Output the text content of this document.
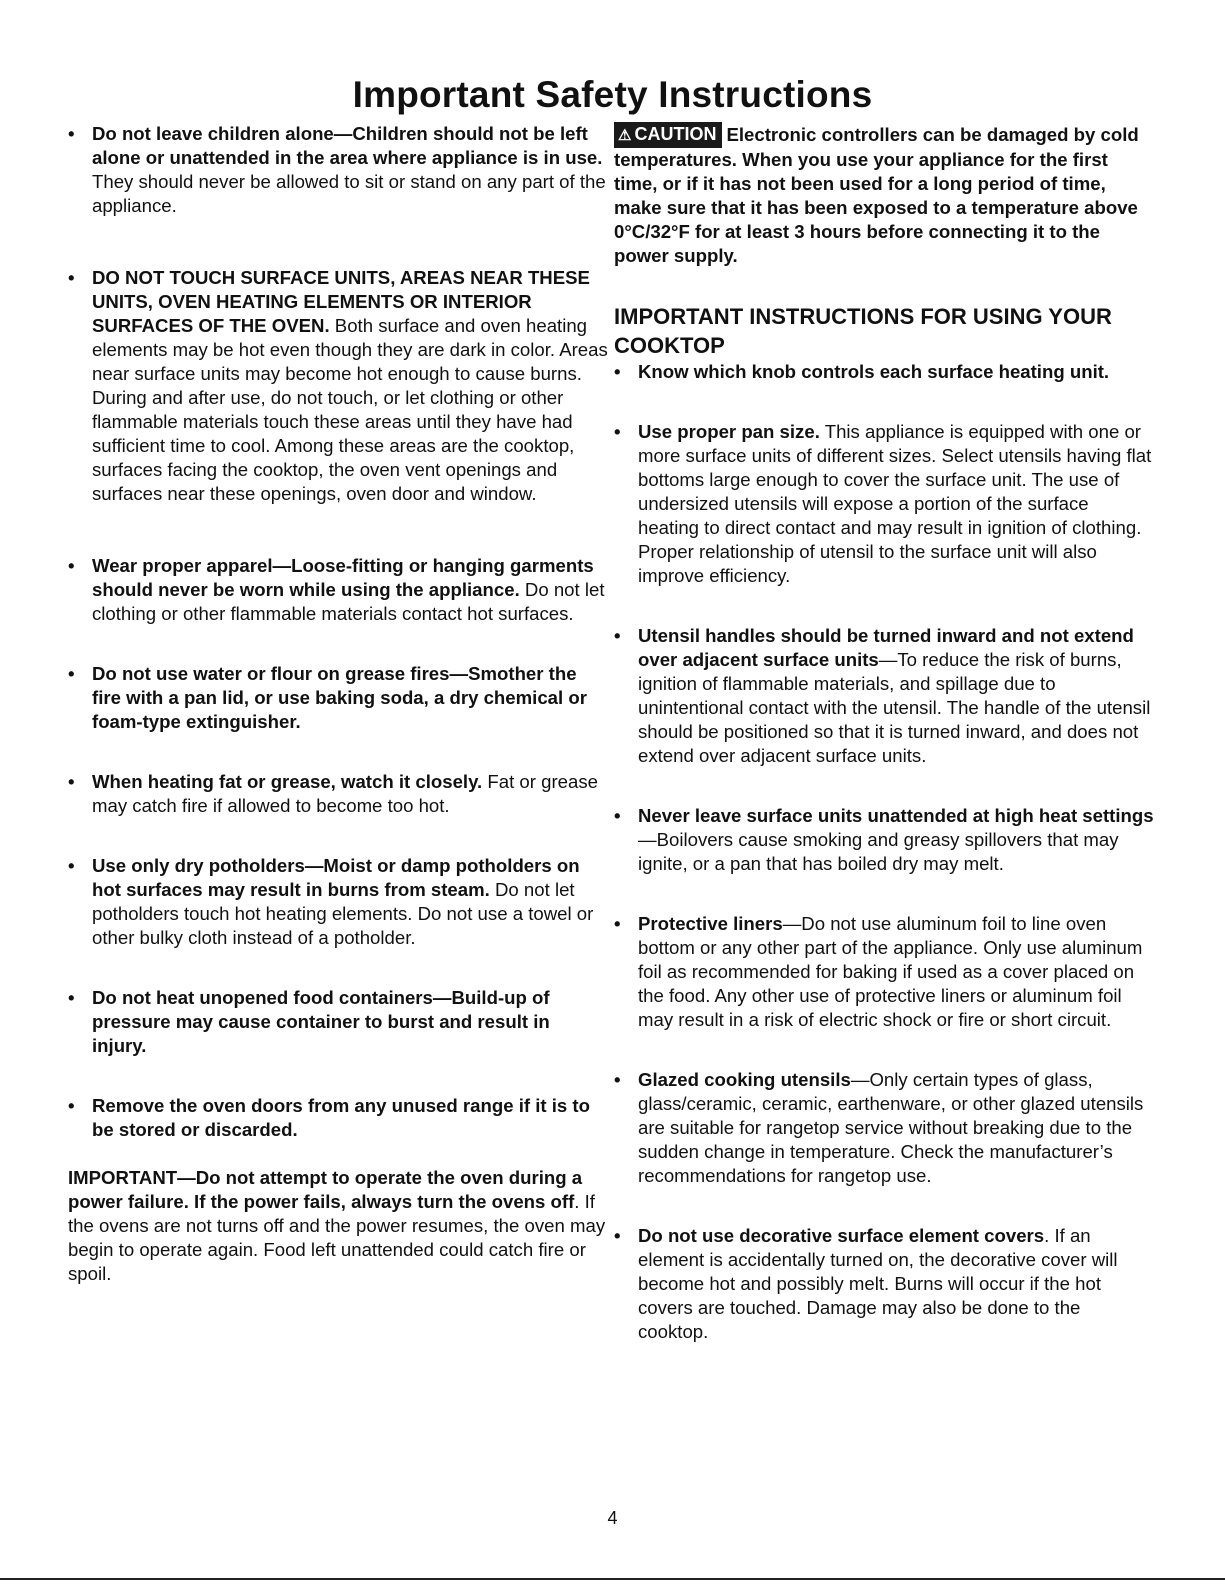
Important Safety Instructions
• Do not leave children alone—Children should not be left alone or unattended in the area where appliance is in use. They should never be allowed to sit or stand on any part of the appliance.
• DO NOT TOUCH SURFACE UNITS, AREAS NEAR THESE UNITS, OVEN HEATING ELEMENTS OR INTERIOR SURFACES OF THE OVEN. Both surface and oven heating elements may be hot even though they are dark in color. Areas near surface units may become hot enough to cause burns. During and after use, do not touch, or let clothing or other flammable materials touch these areas until they have had sufficient time to cool. Among these areas are the cooktop, surfaces facing the cooktop, the oven vent openings and surfaces near these openings, oven door and window.
• Wear proper apparel—Loose-fitting or hanging garments should never be worn while using the appliance. Do not let clothing or other flammable materials contact hot surfaces.
• Do not use water or flour on grease fires—Smother the fire with a pan lid, or use baking soda, a dry chemical or foam-type extinguisher.
• When heating fat or grease, watch it closely. Fat or grease may catch fire if allowed to become too hot.
• Use only dry potholders—Moist or damp potholders on hot surfaces may result in burns from steam. Do not let potholders touch hot heating elements. Do not use a towel or other bulky cloth instead of a potholder.
• Do not heat unopened food containers—Build-up of pressure may cause container to burst and result in injury.
• Remove the oven doors from any unused range if it is to be stored or discarded.

IMPORTANT—Do not attempt to operate the oven during a power failure. If the power fails, always turn the ovens off. If the ovens are not turns off and the power resumes, the oven may begin to operate again. Food left unattended could catch fire or spoil.

⚠ CAUTION Electronic controllers can be damaged by cold temperatures. When you use your appliance for the first time, or if it has not been used for a long period of time, make sure that it has been exposed to a temperature above 0°C/32°F for at least 3 hours before connecting it to the power supply.

IMPORTANT INSTRUCTIONS FOR USING YOUR COOKTOP
• Know which knob controls each surface heating unit.
• Use proper pan size. This appliance is equipped with one or more surface units of different sizes. Select utensils having flat bottoms large enough to cover the surface unit. The use of undersized utensils will expose a portion of the surface heating to direct contact and may result in ignition of clothing. Proper relationship of utensil to the surface unit will also improve efficiency.
• Utensil handles should be turned inward and not extend over adjacent surface units—To reduce the risk of burns, ignition of flammable materials, and spillage due to unintentional contact with the utensil. The handle of the utensil should be positioned so that it is turned inward, and does not extend over adjacent surface units.
• Never leave surface units unattended at high heat settings—Boilovers cause smoking and greasy spillovers that may ignite, or a pan that has boiled dry may melt.
• Protective liners—Do not use aluminum foil to line oven bottom or any other part of the appliance. Only use aluminum foil as recommended for baking if used as a cover placed on the food. Any other use of protective liners or aluminum foil may result in a risk of electric shock or fire or short circuit.
• Glazed cooking utensils—Only certain types of glass, glass/ceramic, ceramic, earthenware, or other glazed utensils are suitable for rangetop service without breaking due to the sudden change in temperature. Check the manufacturer’s recommendations for rangetop use.
• Do not use decorative surface element covers. If an element is accidentally turned on, the decorative cover will become hot and possibly melt. Burns will occur if the hot covers are touched. Damage may also be done to the cooktop.
4
